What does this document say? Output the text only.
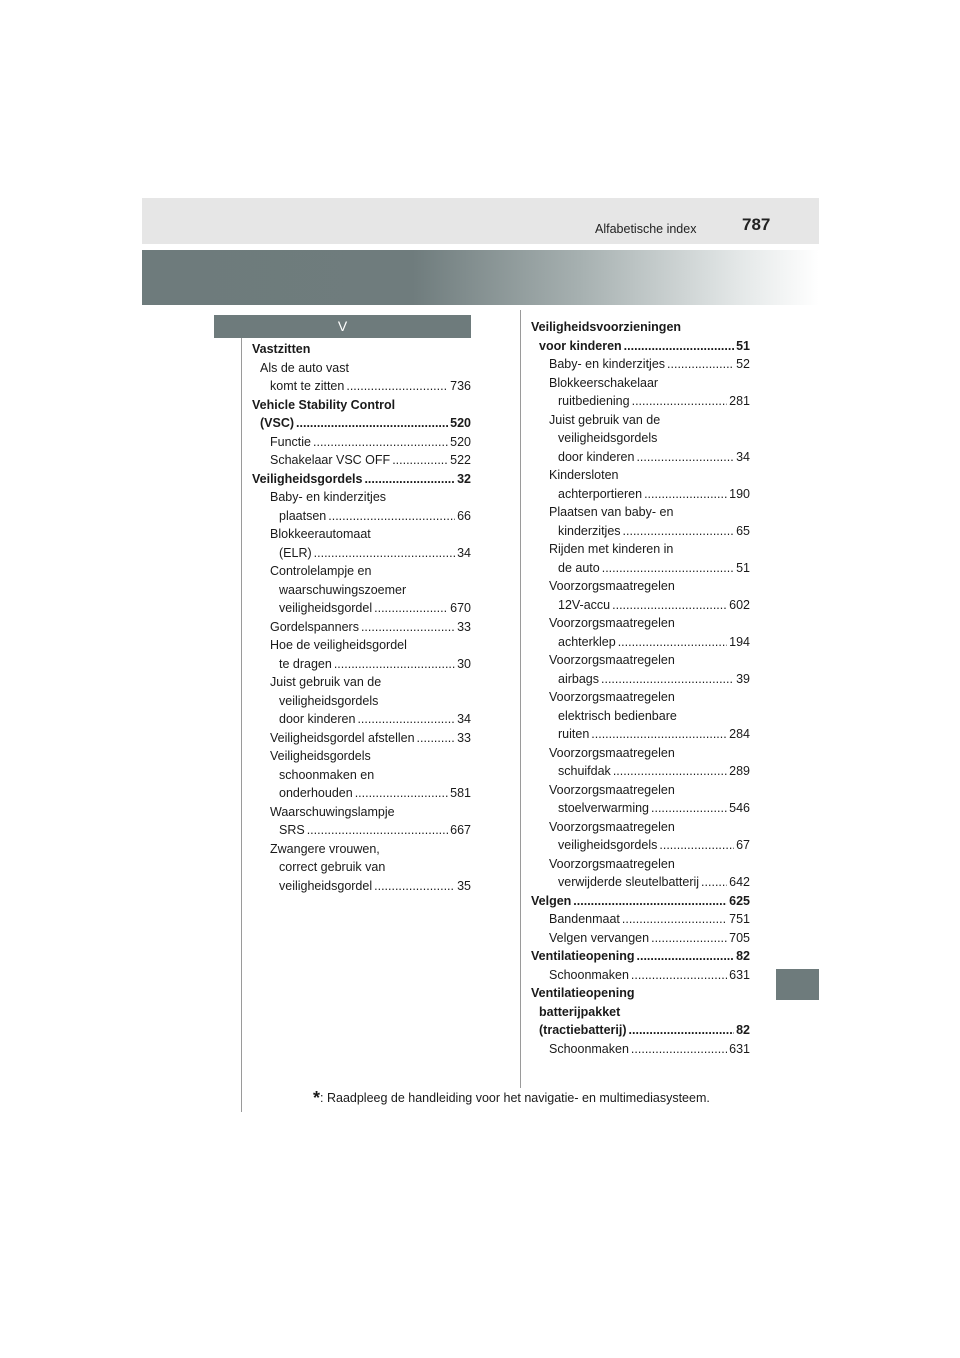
Alfabetische index	787
V
Vastzitten
Als de auto vast
komt te zitten .....	736
Vehicle Stability Control
(VSC) .....	520
Functie .....	520
Schakelaar VSC OFF .....	522
Veiligheidsgordels .....	32
Baby- en kinderzitjes
plaatsen .....	66
Blokkeerautomaat
(ELR) .....	34
Controlelampje en
waarschuwingszoemer
veiligheidsgordel .....	670
Gordelspanners .....	33
Hoe de veiligheidsgordel
te dragen .....	30
Juist gebruik van de
veiligheidsgordels
door kinderen .....	34
Veiligheidsgordel afstellen .....	33
Veiligheidsgordels
schoonmaken en
onderhouden .....	581
Waarschuwingslampje
SRS .....	667
Zwangere vrouwen,
correct gebruik van
veiligheidsgordel .....	35
Veiligheidsvoorzieningen
voor kinderen .....	51
Baby- en kinderzitjes .....	52
Blokkeerschakelaar
ruitbediening .....	281
Juist gebruik van de
veiligheidsgordels
door kinderen .....	34
Kindersloten
achterportieren .....	190
Plaatsen van baby- en
kinderzitjes .....	65
Rijden met kinderen in
de auto .....	51
Voorzorgsmaatregelen
12V-accu .....	602
Voorzorgsmaatregelen
achterklep .....	194
Voorzorgsmaatregelen
airbags .....	39
Voorzorgsmaatregelen
elektrisch bedienbare
ruiten .....	284
Voorzorgsmaatregelen
schuifdak .....	289
Voorzorgsmaatregelen
stoelverwarming .....	546
Voorzorgsmaatregelen
veiligheidsgordels .....	67
Voorzorgsmaatregelen
verwijderde sleutelbatterij ..... 642
Velgen .....	625
Bandenmaat .....	751
Velgen vervangen .....	705
Ventilatieopening .....	82
Schoonmaken .....	631
Ventilatieopening
batterijpakket
(tractiebatterij) .....	82
Schoonmaken .....	631
*: Raadpleeg de handleiding voor het navigatie- en multimediasysteem.
